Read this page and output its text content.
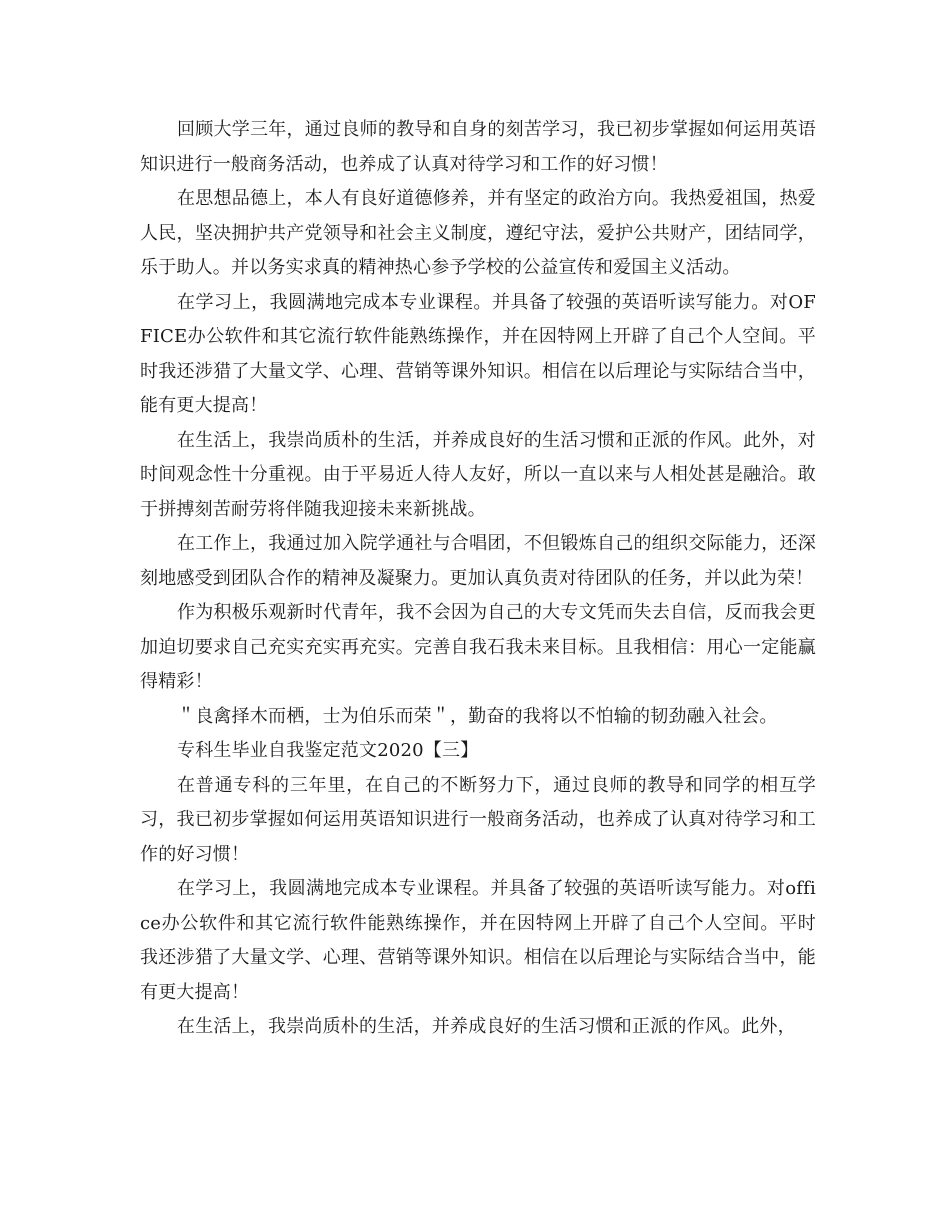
回顾大学三年，通过良师的教导和自身的刻苦学习，我已初步掌握如何运用英语知识进行一般商务活动，也养成了认真对待学习和工作的好习惯！

在思想品德上，本人有良好道德修养，并有坚定的政治方向。我热爱祖国，热爱人民，坚决拥护共产党领导和社会主义制度，遵纪守法，爱护公共财产，团结同学，乐于助人。并以务实求真的精神热心参予学校的公益宣传和爱国主义活动。

在学习上，我圆满地完成本专业课程。并具备了较强的英语听读写能力。对OFFICE办公软件和其它流行软件能熟练操作，并在因特网上开辟了自己个人空间。平时我还涉猎了大量文学、心理、营销等课外知识。相信在以后理论与实际结合当中，能有更大提高！

在生活上，我崇尚质朴的生活，并养成良好的生活习惯和正派的作风。此外，对时间观念性十分重视。由于平易近人待人友好，所以一直以来与人相处甚是融洽。敢于拼搏刻苦耐劳将伴随我迎接未来新挑战。

在工作上，我通过加入院学通社与合唱团，不但锻炼自己的组织交际能力，还深刻地感受到团队合作的精神及凝聚力。更加认真负责对待团队的任务，并以此为荣！

作为积极乐观新时代青年，我不会因为自己的大专文凭而失去自信，反而我会更加迫切要求自己充实充实再充实。完善自我石我未来目标。且我相信：用心一定能赢得精彩！

＂良禽择木而栖，士为伯乐而荣＂，勤奋的我将以不怕输的韧劲融入社会。

专科生毕业自我鉴定范文2020【三】

在普通专科的三年里，在自己的不断努力下，通过良师的教导和同学的相互学习，我已初步掌握如何运用英语知识进行一般商务活动，也养成了认真对待学习和工作的好习惯！

在学习上，我圆满地完成本专业课程。并具备了较强的英语听读写能力。对office办公软件和其它流行软件能熟练操作，并在因特网上开辟了自己个人空间。平时我还涉猎了大量文学、心理、营销等课外知识。相信在以后理论与实际结合当中，能有更大提高！

在生活上，我崇尚质朴的生活，并养成良好的生活习惯和正派的作风。此外，
